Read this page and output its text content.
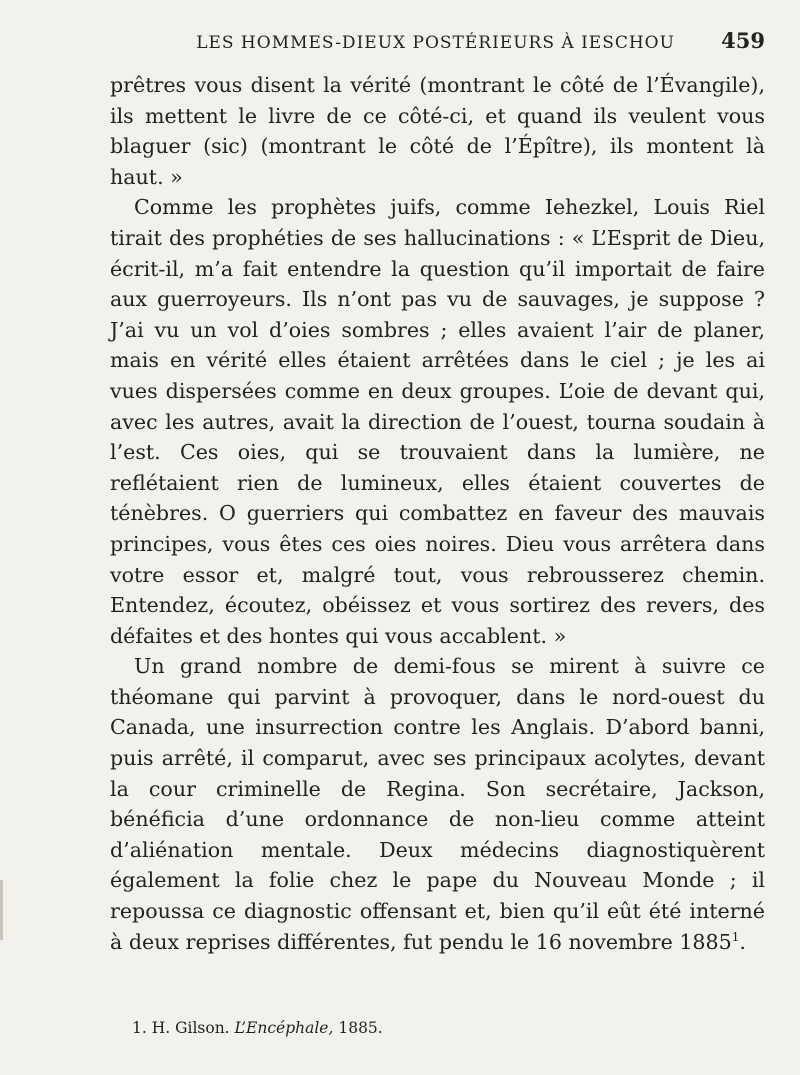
LES HOMMES-DIEUX POSTÉRIEURS À IESCHOU	459

prêtres vous disent la vérité (montrant le côté de l’Évangile), ils mettent le livre de ce côté-ci, et quand ils veulent vous blaguer (sic) (montrant le côté de l’Épître), ils montent là haut. »

Comme les prophètes juifs, comme Iehezkel, Louis Riel tirait des prophéties de ses hallucinations : « L’Esprit de Dieu, écrit-il, m’a fait entendre la question qu’il importait de faire aux guerroyeurs. Ils n’ont pas vu de sauvages, je suppose ? J’ai vu un vol d’oies sombres ; elles avaient l’air de planer, mais en vérité elles étaient arrêtées dans le ciel ; je les ai vues dispersées comme en deux groupes. L’oie de devant qui, avec les autres, avait la direction de l’ouest, tourna soudain à l’est. Ces oies, qui se trouvaient dans la lumière, ne reflétaient rien de lumineux, elles étaient couvertes de ténèbres. O guerriers qui combattez en faveur des mauvais principes, vous êtes ces oies noires. Dieu vous arrêtera dans votre essor et, malgré tout, vous rebrousserez chemin. Entendez, écoutez, obéissez et vous sortirez des revers, des défaites et des hontes qui vous accablent. »

Un grand nombre de demi-fous se mirent à suivre ce théomane qui parvint à provoquer, dans le nord-ouest du Canada, une insurrection contre les Anglais. D’abord banni, puis arrêté, il comparut, avec ses principaux acolytes, devant la cour criminelle de Regina. Son secrétaire, Jackson, bénéficia d’une ordonnance de non-lieu comme atteint d’aliénation mentale. Deux médecins diagnostiquèrent également la folie chez le pape du Nouveau Monde ; il repoussa ce diagnostic offensant et, bien qu’il eût été interné à deux reprises différentes, fut pendu le 16 novembre 1885$^1$.

1. H. Gilson. L’Encéphale, 1885.
